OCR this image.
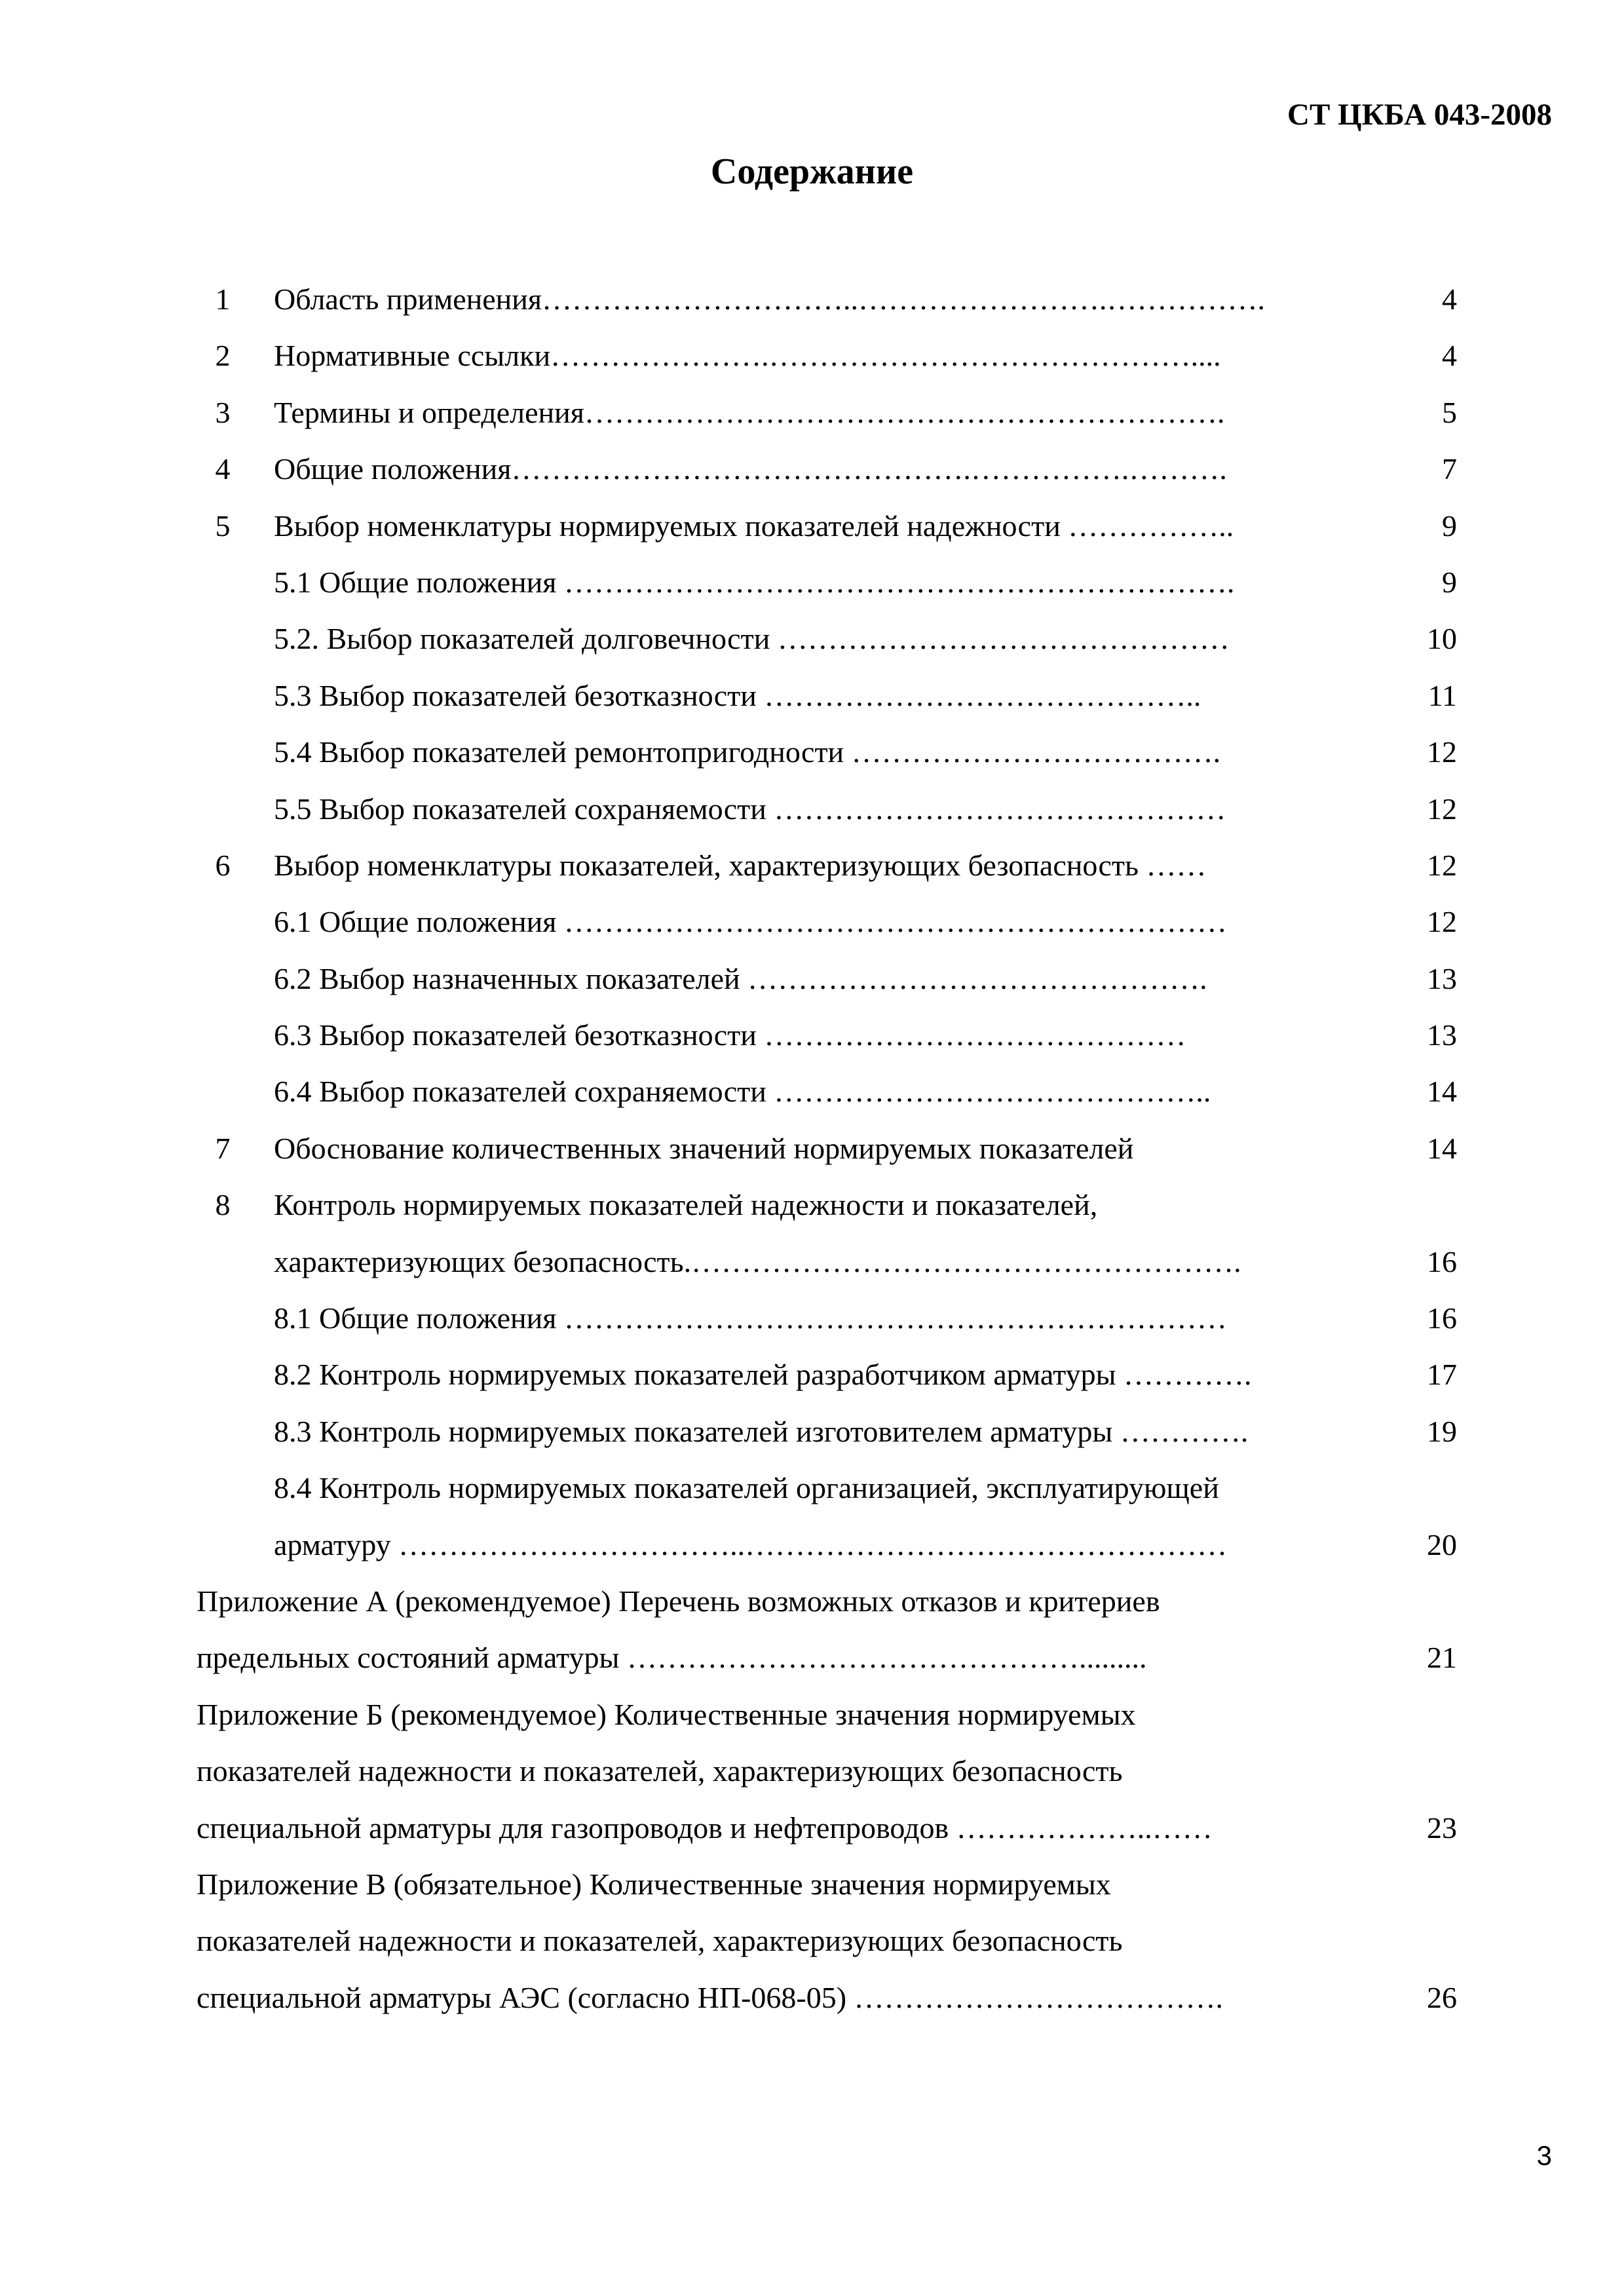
СТ ЦКБА 043-2008
Содержание
1	Область применения…………………………..…………………….…………….	4
2	Нормативные ссылки………………….……………………………………....	4
3	Термины и определения……………………………………………………….	5
4	Общие положения……………………………………….…………….……….	7
5	Выбор номенклатуры нормируемых показателей надежности ……………..	9
5.1 Общие положения ………………………………………………………….	9
5.2. Выбор показателей долговечности ………………………………………	10
5.3 Выбор показателей безотказности ……………………………………..	11
5.4 Выбор показателей ремонтопригодности ……………………………….	12
5.5 Выбор показателей сохраняемости ………………………………………	12
6	Выбор номенклатуры показателей, характеризующих безопасность ……	12
6.1 Общие положения …………………………………………………………	12
6.2 Выбор назначенных показателей ……………………………………….	13
6.3 Выбор показателей безотказности ……………………………………	13
6.4 Выбор показателей сохраняемости ……………………………………..	14
7	Обоснование количественных значений нормируемых показателей	14
8	Контроль нормируемых показателей надежности и показателей,
характеризующих безопасность.……………………………………………….	16
8.1 Общие положения …………………………………………………………	16
8.2 Контроль нормируемых показателей разработчиком арматуры ………….	17
8.3 Контроль нормируемых показателей изготовителем арматуры ………….	19
8.4 Контроль нормируемых показателей организацией, эксплуатирующей
арматуру ……………………………..…………………………………………	20
Приложение А (рекомендуемое) Перечень возможных отказов и критериев
предельных состояний арматуры ……………………………………….........	21
Приложение Б (рекомендуемое) Количественные значения нормируемых
показателей надежности и показателей, характеризующих безопасность
специальной арматуры для газопроводов и нефтепроводов ………………..……	23
Приложение В (обязательное) Количественные значения нормируемых
показателей надежности и показателей, характеризующих безопасность
специальной арматуры АЭС (согласно НП-068-05) ……………………………….	26
3
